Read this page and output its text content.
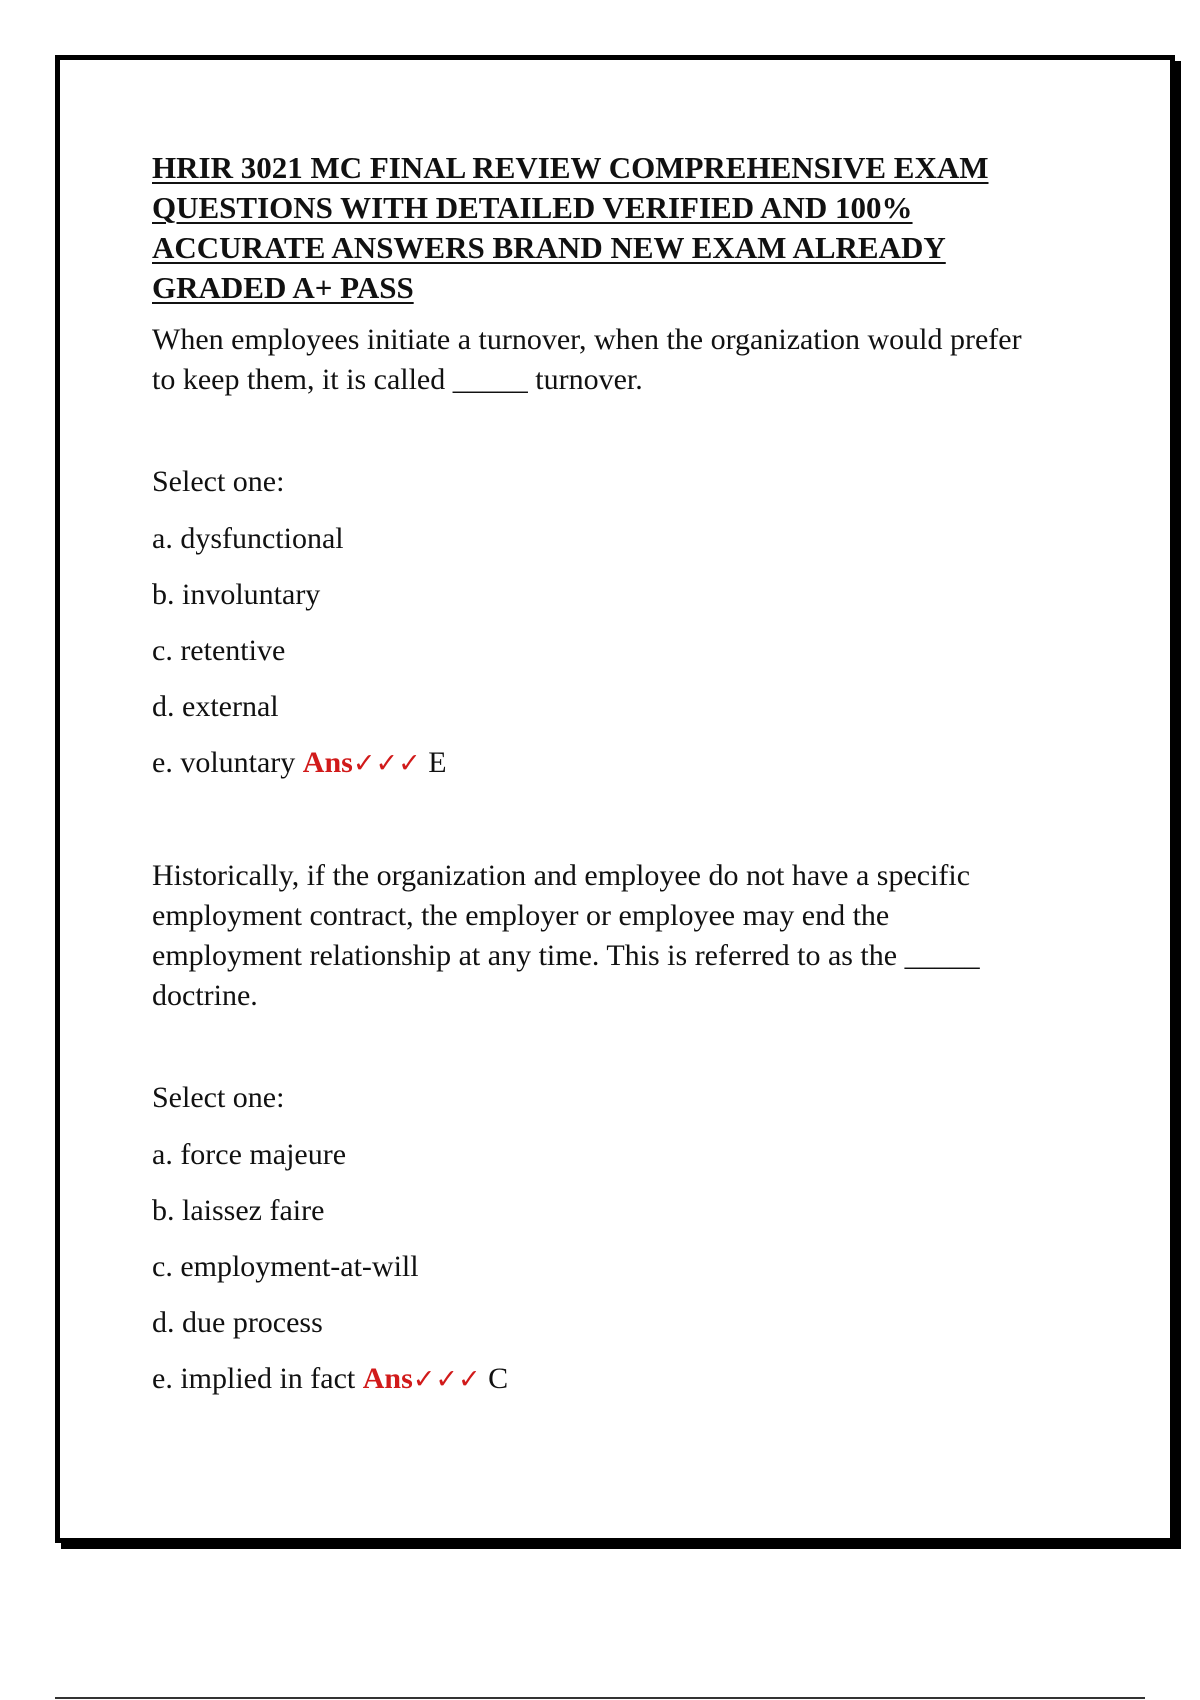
HRIR 3021 MC FINAL REVIEW COMPREHENSIVE EXAM
QUESTIONS WITH DETAILED VERIFIED AND 100%
ACCURATE ANSWERS BRAND NEW EXAM ALREADY
GRADED A+ PASS

When employees initiate a turnover, when the organization would prefer
to keep them, it is called _____ turnover.

Select one:

a. dysfunctional

b. involuntary

c. retentive

d. external

e. voluntary Ans✓✓✓ E

Historically, if the organization and employee do not have a specific
employment contract, the employer or employee may end the
employment relationship at any time. This is referred to as the _____
doctrine.

Select one:

a. force majeure

b. laissez faire

c. employment-at-will

d. due process

e. implied in fact Ans✓✓✓ C
